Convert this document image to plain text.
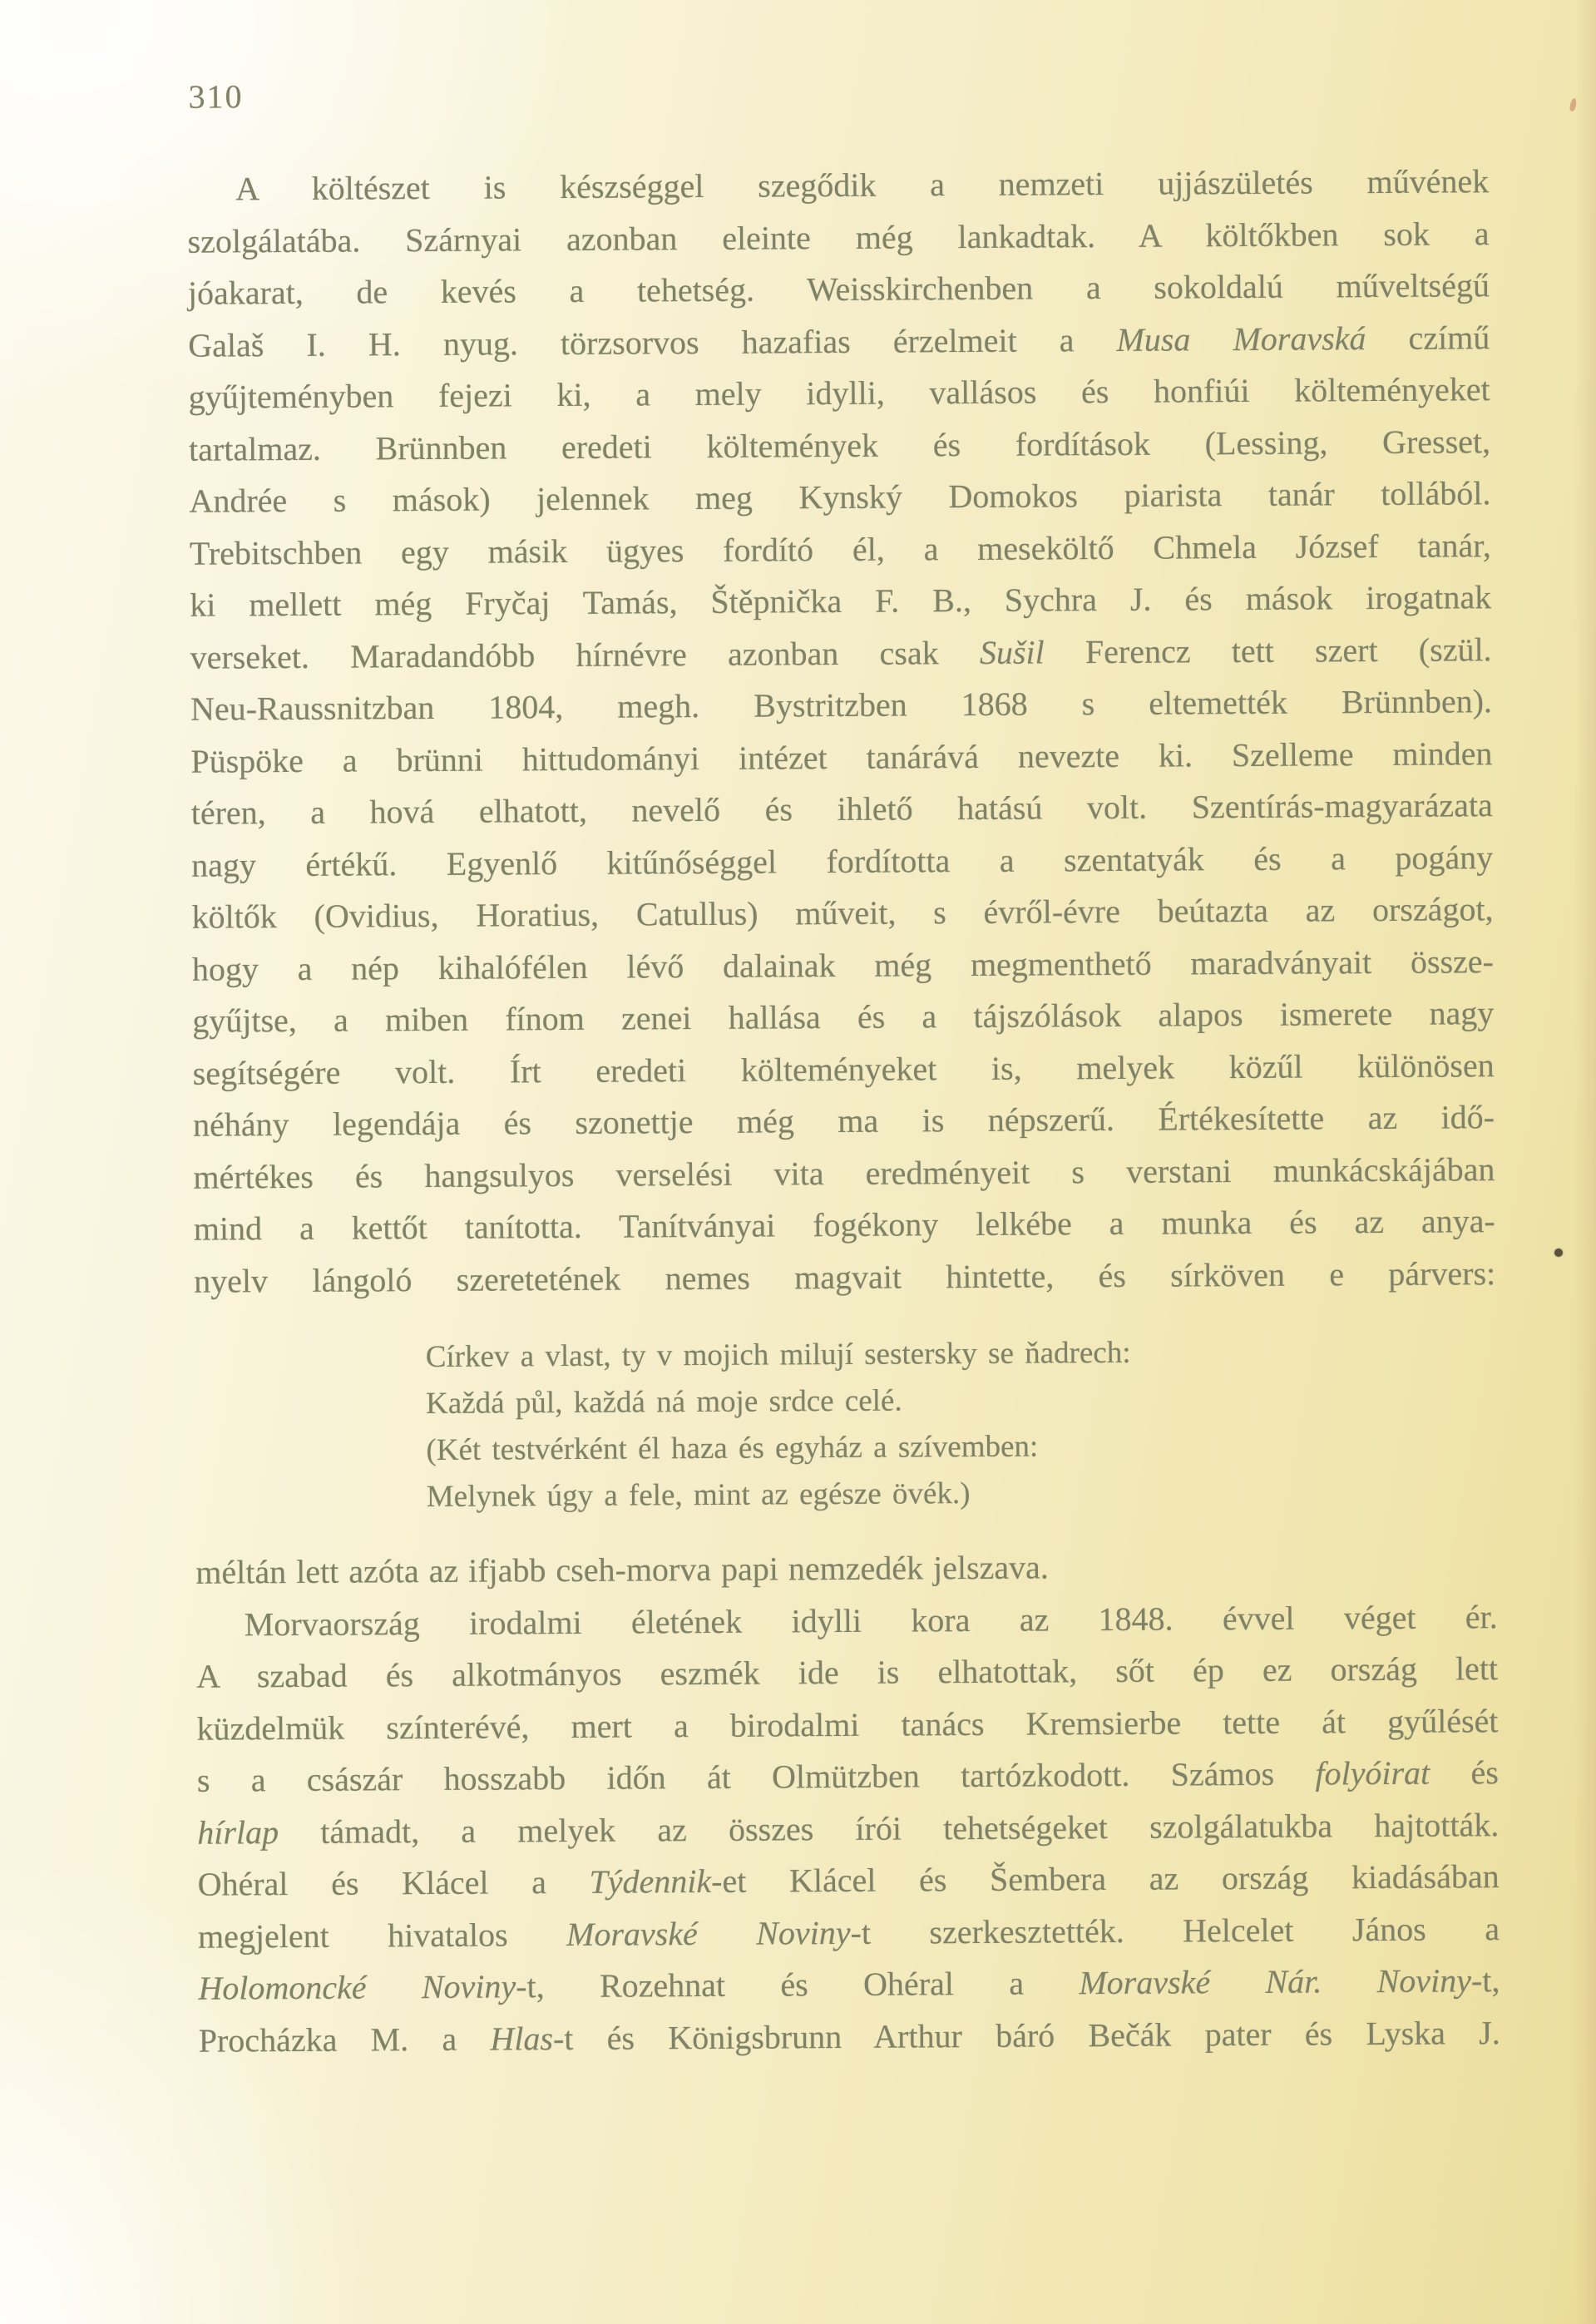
310
A költészet is készséggel szegődik a nemzeti ujjászületés művének
szolgálatába. Szárnyai azonban eleinte még lankadtak. A költőkben sok a
jóakarat, de kevés a tehetség. Weisskirchenben a sokoldalú műveltségű
Galaš I. H. nyug. törzsorvos hazafias érzelmeit a Musa Moravská czímű
gyűjteményben fejezi ki, a mely idylli, vallásos és honfiúi költeményeket
tartalmaz. Brünnben eredeti költemények és fordítások (Lessing, Gresset,
Andrée s mások) jelennek meg Kynský Domokos piarista tanár tollából.
Trebitschben egy másik ügyes fordító él, a meseköltő Chmela József tanár,
ki mellett még Fryčaj Tamás, Štěpnička F. B., Sychra J. és mások irogatnak
verseket. Maradandóbb hírnévre azonban csak Sušil Ferencz tett szert (szül.
Neu-Raussnitzban 1804, megh. Bystritzben 1868 s eltemették Brünnben).
Püspöke a brünni hittudományi intézet tanárává nevezte ki. Szelleme minden
téren, a hová elhatott, nevelő és ihlető hatású volt. Szentírás-magyarázata
nagy értékű. Egyenlő kitűnőséggel fordította a szentatyák és a pogány
költők (Ovidius, Horatius, Catullus) műveit, s évről-évre beútazta az országot,
hogy a nép kihalófélen lévő dalainak még megmenthető maradványait össze-
gyűjtse, a miben fínom zenei hallása és a tájszólások alapos ismerete nagy
segítségére volt. Írt eredeti költeményeket is, melyek közűl különösen
néhány legendája és szonettje még ma is népszerű. Értékesítette az idő-
mértékes és hangsulyos verselési vita eredményeit s verstani munkácskájában
mind a kettőt tanította. Tanítványai fogékony lelkébe a munka és az anya-
nyelv lángoló szeretetének nemes magvait hintette, és sírköven e párvers:
Církev a vlast, ty v mojich milují sestersky se ňadrech:
Každá půl, každá ná moje srdce celé.
(Két testvérként él haza és egyház a szívemben:
Melynek úgy a fele, mint az egésze övék.)
méltán lett azóta az ifjabb cseh-morva papi nemzedék jelszava.
Morvaország irodalmi életének idylli kora az 1848. évvel véget ér.
A szabad és alkotmányos eszmék ide is elhatottak, sőt ép ez ország lett
küzdelmük színterévé, mert a birodalmi tanács Kremsierbe tette át gyűlését
s a császár hosszabb időn át Olmützben tartózkodott. Számos folyóirat és
hírlap támadt, a melyek az összes írói tehetségeket szolgálatukba hajtották.
Ohéral és Klácel a Týdennik-et Klácel és Šembera az ország kiadásában
megjelent hivatalos Moravské Noviny-t szerkesztették. Helcelet János a
Holomoncké Noviny-t, Rozehnat és Ohéral a Moravské Nár. Noviny-t,
Procházka M. a Hlas-t és Königsbrunn Arthur báró Bečák pater és Lyska J.
